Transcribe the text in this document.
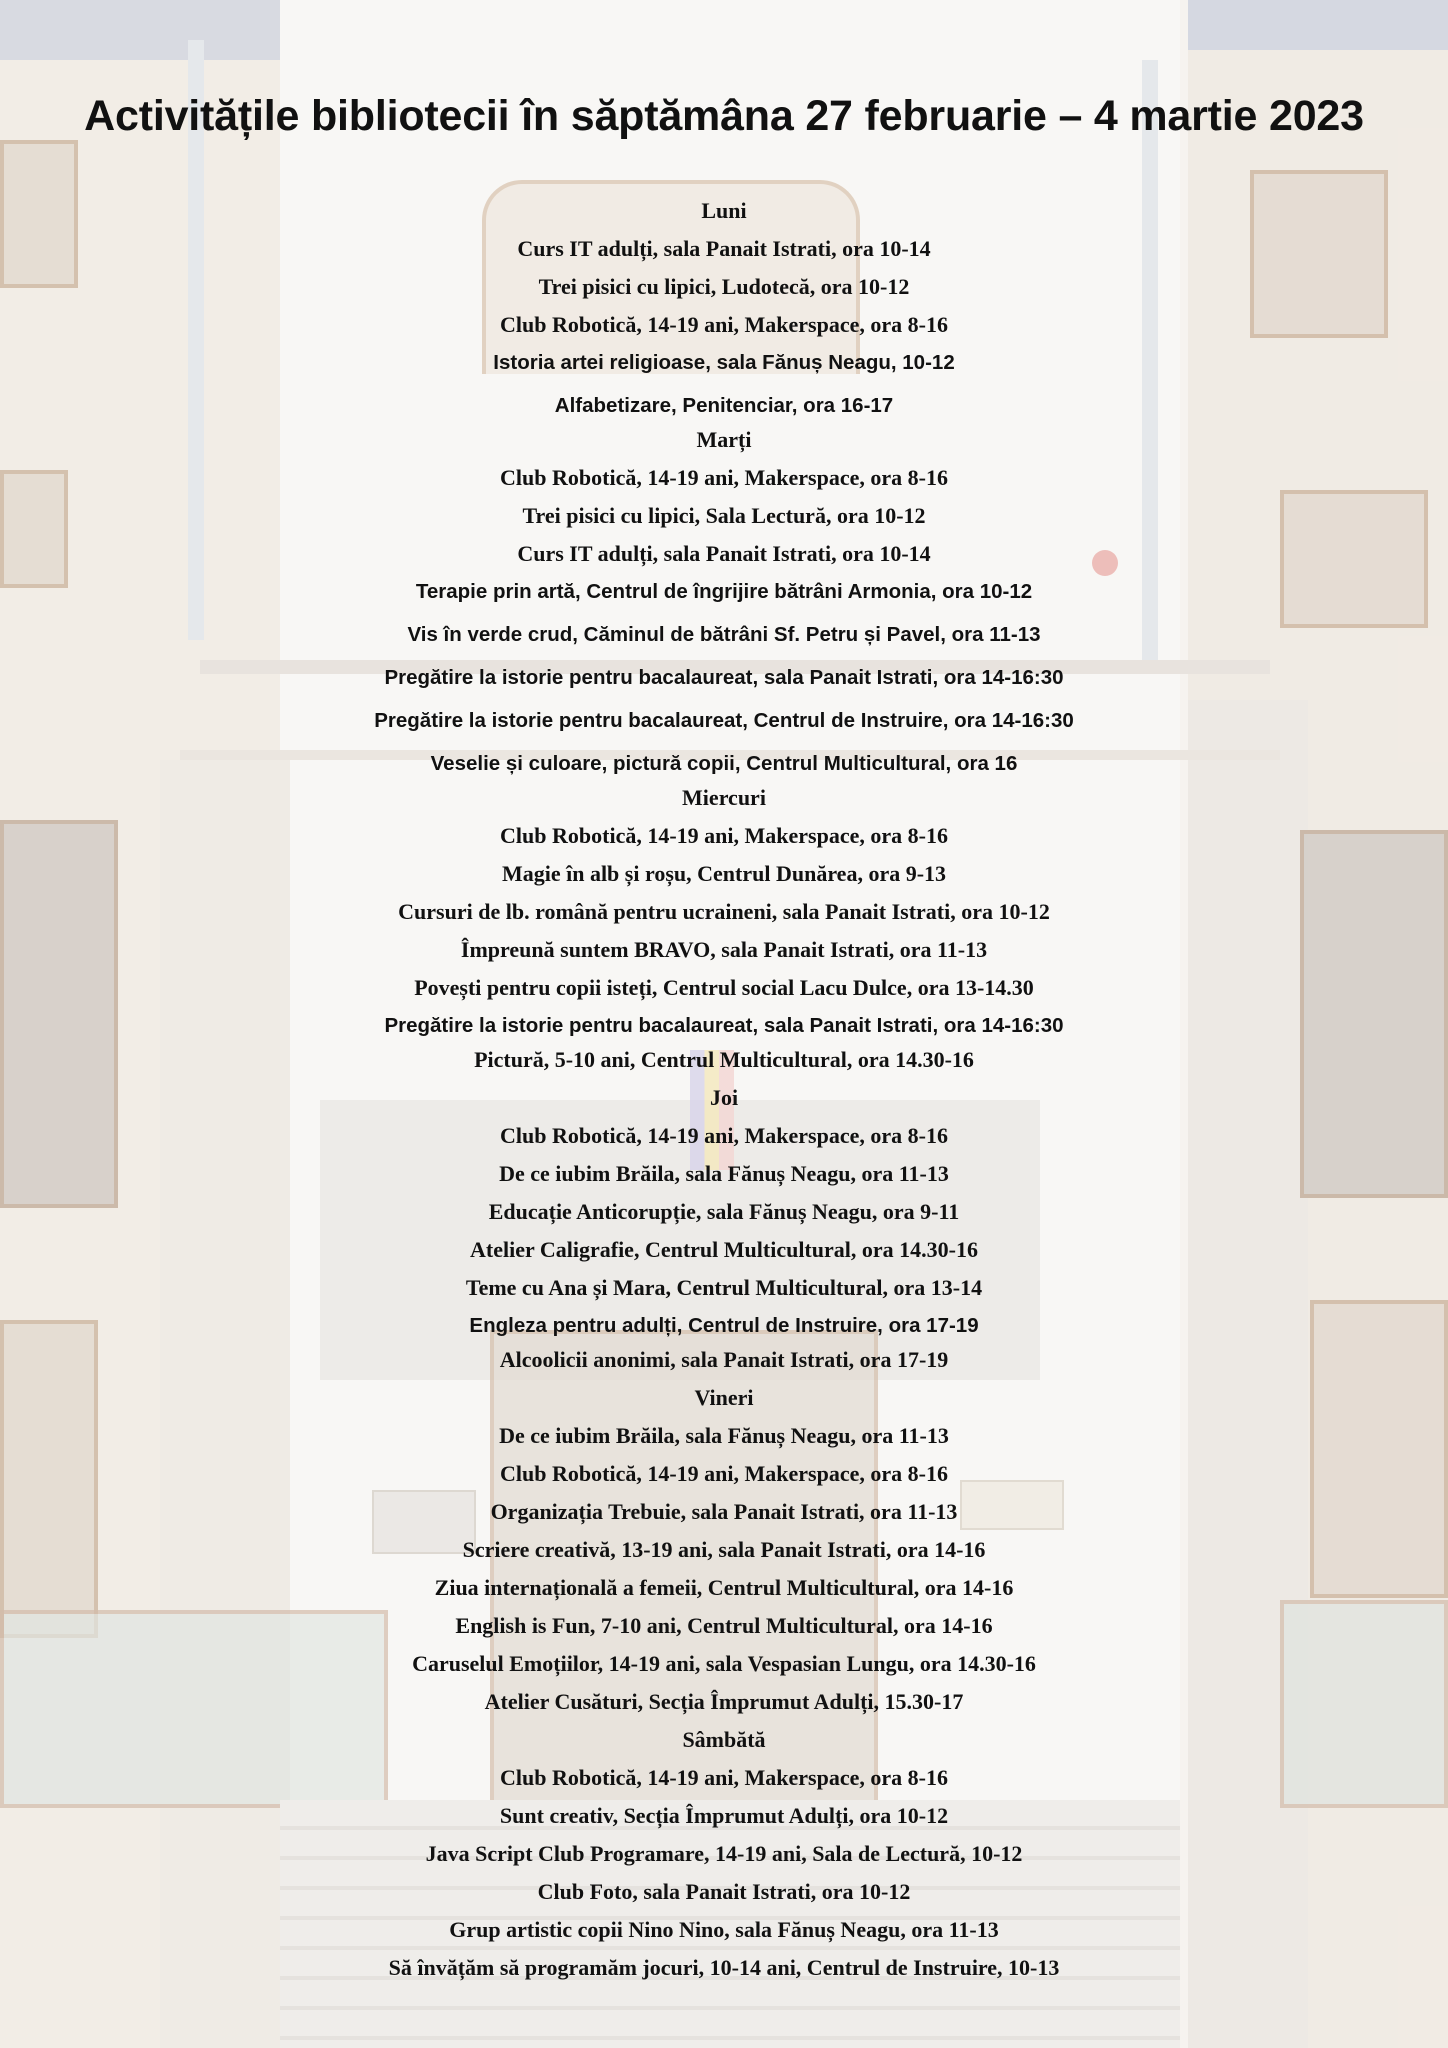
Activitățile bibliotecii în săptămâna 27 februarie – 4 martie 2023
Luni
Curs IT adulți, sala Panait Istrati, ora 10-14
Trei pisici cu lipici, Ludotecă, ora 10-12
Club Robotică, 14-19 ani, Makerspace, ora 8-16
Istoria artei religioase, sala Fănuș Neagu, 10-12
Alfabetizare, Penitenciar, ora 16-17
Marți
Club Robotică, 14-19 ani, Makerspace, ora 8-16
Trei pisici cu lipici, Sala Lectură, ora 10-12
Curs IT adulți, sala Panait Istrati, ora 10-14
Terapie prin artă, Centrul de îngrijire bătrâni Armonia, ora 10-12
Vis în verde crud, Căminul de bătrâni Sf. Petru și Pavel, ora 11-13
Pregătire la istorie pentru bacalaureat, sala Panait Istrati, ora 14-16:30
Pregătire la istorie pentru bacalaureat, Centrul de Instruire, ora 14-16:30
Veselie și culoare, pictură copii, Centrul Multicultural, ora 16
Miercuri
Club Robotică, 14-19 ani, Makerspace, ora 8-16
Magie în alb și roșu, Centrul Dunărea, ora 9-13
Cursuri de lb. română pentru ucraineni, sala Panait Istrati, ora 10-12
Împreună suntem BRAVO, sala Panait Istrati, ora 11-13
Povești pentru copii isteți, Centrul social Lacu Dulce, ora 13-14.30
Pregătire la istorie pentru bacalaureat, sala Panait Istrati, ora 14-16:30
Pictură, 5-10 ani, Centrul Multicultural, ora 14.30-16
Joi
Club Robotică, 14-19 ani, Makerspace, ora 8-16
De ce iubim Brăila, sala Fănuș Neagu, ora 11-13
Educație Anticorupție, sala Fănuș Neagu, ora 9-11
Atelier Caligrafie, Centrul Multicultural, ora 14.30-16
Teme cu Ana și Mara, Centrul Multicultural, ora 13-14
Engleza pentru adulți, Centrul de Instruire, ora 17-19
Alcoolicii anonimi, sala Panait Istrati, ora 17-19
Vineri
De ce iubim Brăila, sala Fănuș Neagu, ora 11-13
Club Robotică, 14-19 ani, Makerspace, ora 8-16
Organizația Trebuie, sala Panait Istrati, ora 11-13
Scriere creativă, 13-19 ani, sala Panait Istrati, ora 14-16
Ziua internațională a femeii, Centrul Multicultural, ora 14-16
English is Fun, 7-10 ani, Centrul Multicultural, ora 14-16
Caruselul Emoțiilor, 14-19 ani, sala Vespasian Lungu, ora 14.30-16
Atelier Cusături, Secția Împrumut Adulți, 15.30-17
Sâmbătă
Club Robotică, 14-19 ani, Makerspace, ora 8-16
Sunt creativ, Secția Împrumut Adulți, ora 10-12
Java Script Club Programare, 14-19 ani, Sala de Lectură, 10-12
Club Foto, sala Panait Istrati, ora 10-12
Grup artistic copii Nino Nino, sala Fănuș Neagu, ora 11-13
Să învățăm să programăm jocuri, 10-14 ani, Centrul de Instruire, 10-13
